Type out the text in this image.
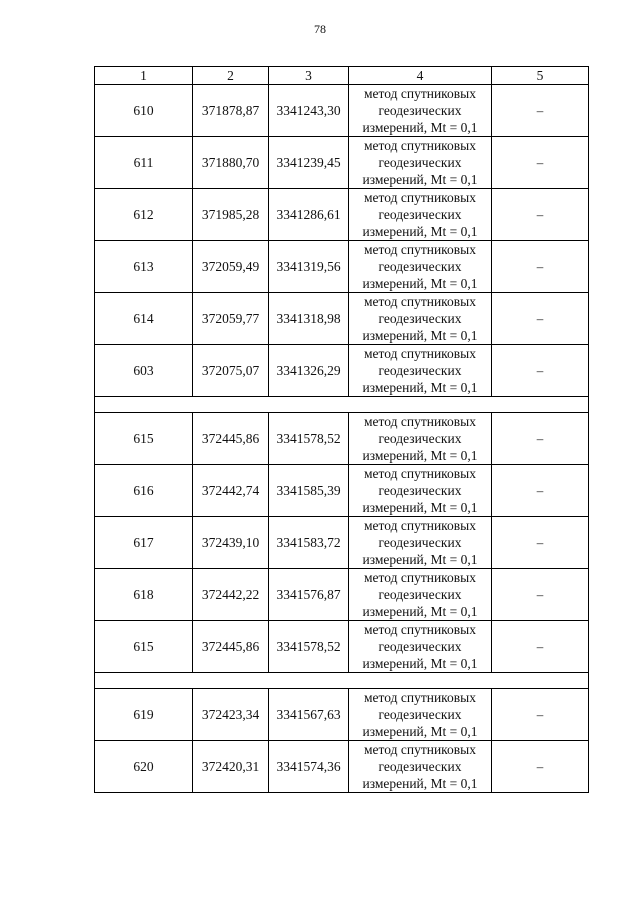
78
1	2	3	4	5
610	371878,87	3341243,30	метод спутниковых
геодезических
измерений, Mt = 0,1	–
611	371880,70	3341239,45	метод спутниковых
геодезических
измерений, Mt = 0,1	–
612	371985,28	3341286,61	метод спутниковых
геодезических
измерений, Mt = 0,1	–
613	372059,49	3341319,56	метод спутниковых
геодезических
измерений, Mt = 0,1	–
614	372059,77	3341318,98	метод спутниковых
геодезических
измерений, Mt = 0,1	–
603	372075,07	3341326,29	метод спутниковых
геодезических
измерений, Mt = 0,1	–

615	372445,86	3341578,52	метод спутниковых
геодезических
измерений, Mt = 0,1	–
616	372442,74	3341585,39	метод спутниковых
геодезических
измерений, Mt = 0,1	–
617	372439,10	3341583,72	метод спутниковых
геодезических
измерений, Mt = 0,1	–
618	372442,22	3341576,87	метод спутниковых
геодезических
измерений, Mt = 0,1	–
615	372445,86	3341578,52	метод спутниковых
геодезических
измерений, Mt = 0,1	–

619	372423,34	3341567,63	метод спутниковых
геодезических
измерений, Mt = 0,1	–
620	372420,31	3341574,36	метод спутниковых
геодезических
измерений, Mt = 0,1	–
